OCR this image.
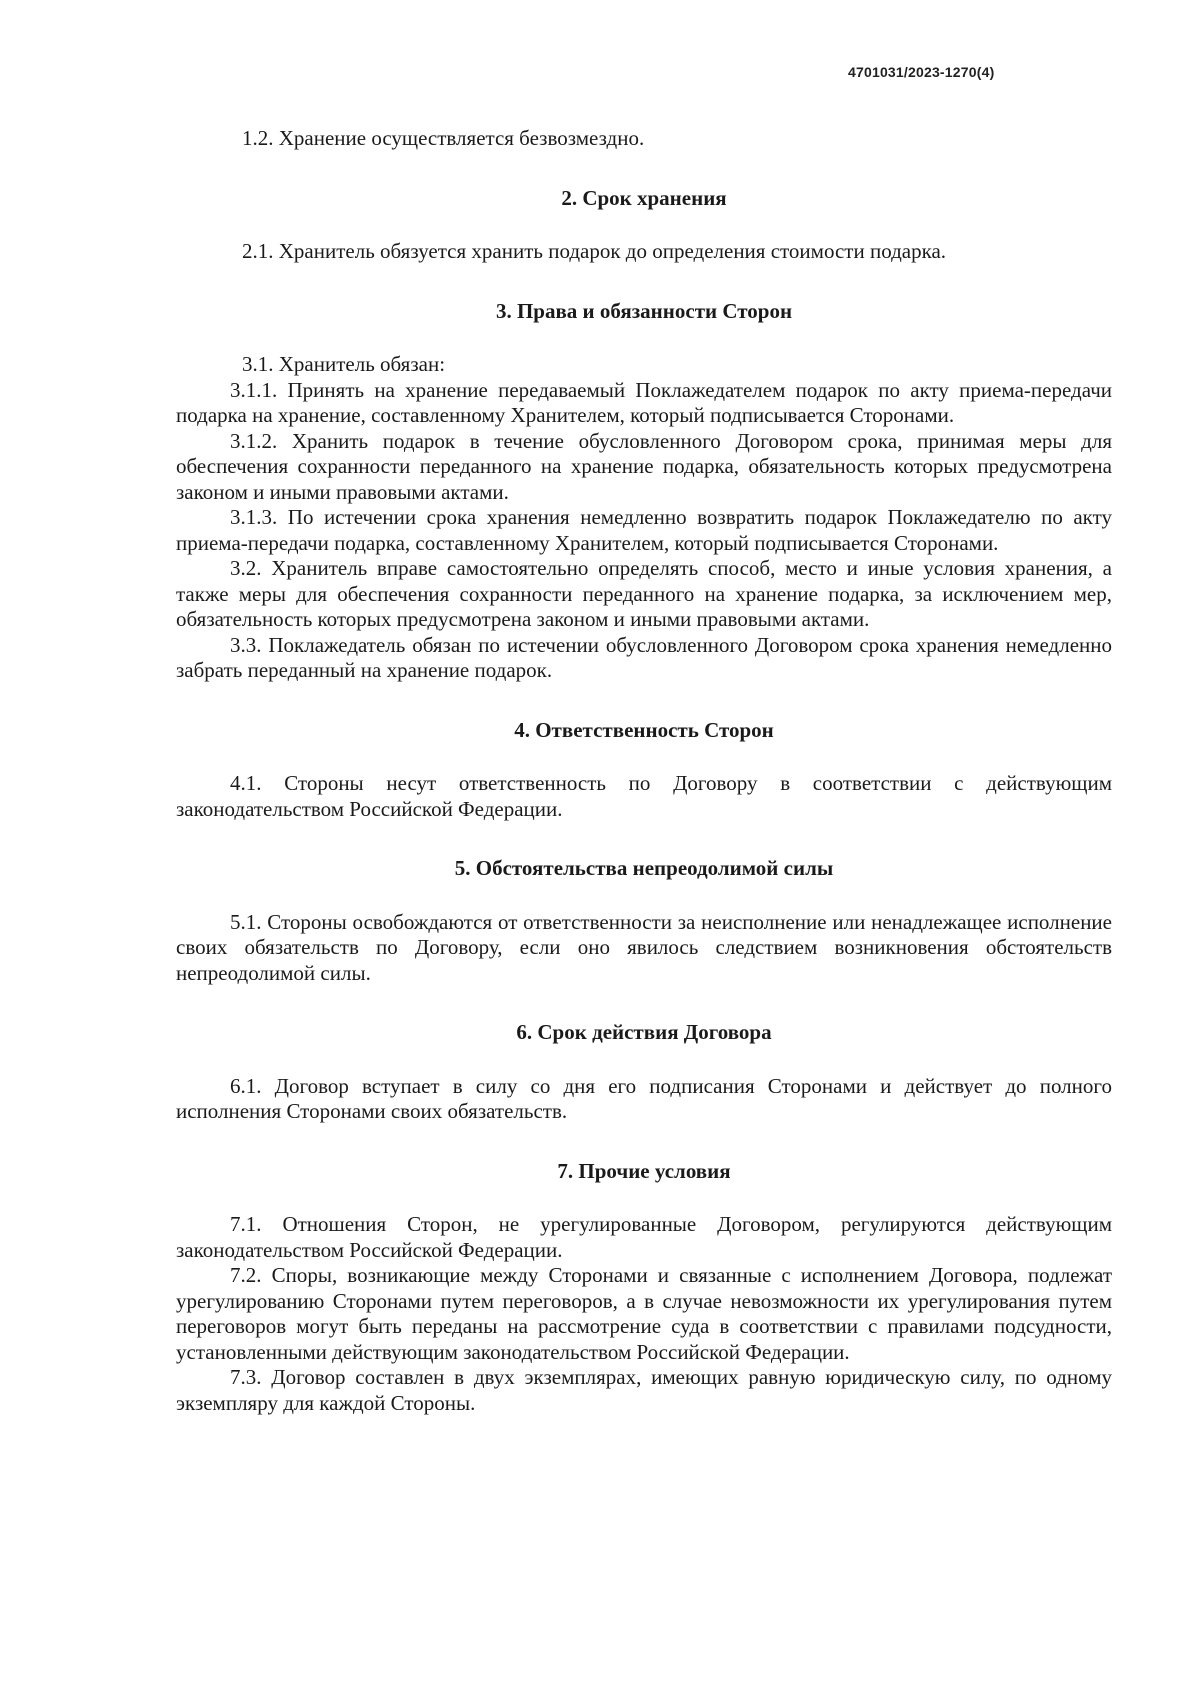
4701031/2023-1270(4)

1.2. Хранение осуществляется безвозмездно.

2. Срок хранения

2.1. Хранитель обязуется хранить подарок до определения стоимости подарка.

3. Права и обязанности Сторон

3.1. Хранитель обязан:

3.1.1. Принять на хранение передаваемый Поклажедателем подарок по акту приема-передачи подарка на хранение, составленному Хранителем, который подписывается Сторонами.

3.1.2. Хранить подарок в течение обусловленного Договором срока, принимая меры для обеспечения сохранности переданного на хранение подарка, обязательность которых предусмотрена законом и иными правовыми актами.

3.1.3. По истечении срока хранения немедленно возвратить подарок Поклажедателю по акту приема-передачи подарка, составленному Хранителем, который подписывается Сторонами.

3.2. Хранитель вправе самостоятельно определять способ, место и иные условия хранения, а также меры для обеспечения сохранности переданного на хранение подарка, за исключением мер, обязательность которых предусмотрена законом и иными правовыми актами.

3.3. Поклажедатель обязан по истечении обусловленного Договором срока хранения немедленно забрать переданный на хранение подарок.

4. Ответственность Сторон

4.1. Стороны несут ответственность по Договору в соответствии с действующим законодательством Российской Федерации.

5. Обстоятельства непреодолимой силы

5.1. Стороны освобождаются от ответственности за неисполнение или ненадлежащее исполнение своих обязательств по Договору, если оно явилось следствием возникновения обстоятельств непреодолимой силы.

6. Срок действия Договора

6.1. Договор вступает в силу со дня его подписания Сторонами и действует до полного исполнения Сторонами своих обязательств.

7. Прочие условия

7.1. Отношения Сторон, не урегулированные Договором, регулируются действующим законодательством Российской Федерации.

7.2. Споры, возникающие между Сторонами и связанные с исполнением Договора, подлежат урегулированию Сторонами путем переговоров, а в случае невозможности их урегулирования путем переговоров могут быть переданы на рассмотрение суда в соответствии с правилами подсудности, установленными действующим законодательством Российской Федерации.

7.3. Договор составлен в двух экземплярах, имеющих равную юридическую силу, по одному экземпляру для каждой Стороны.
